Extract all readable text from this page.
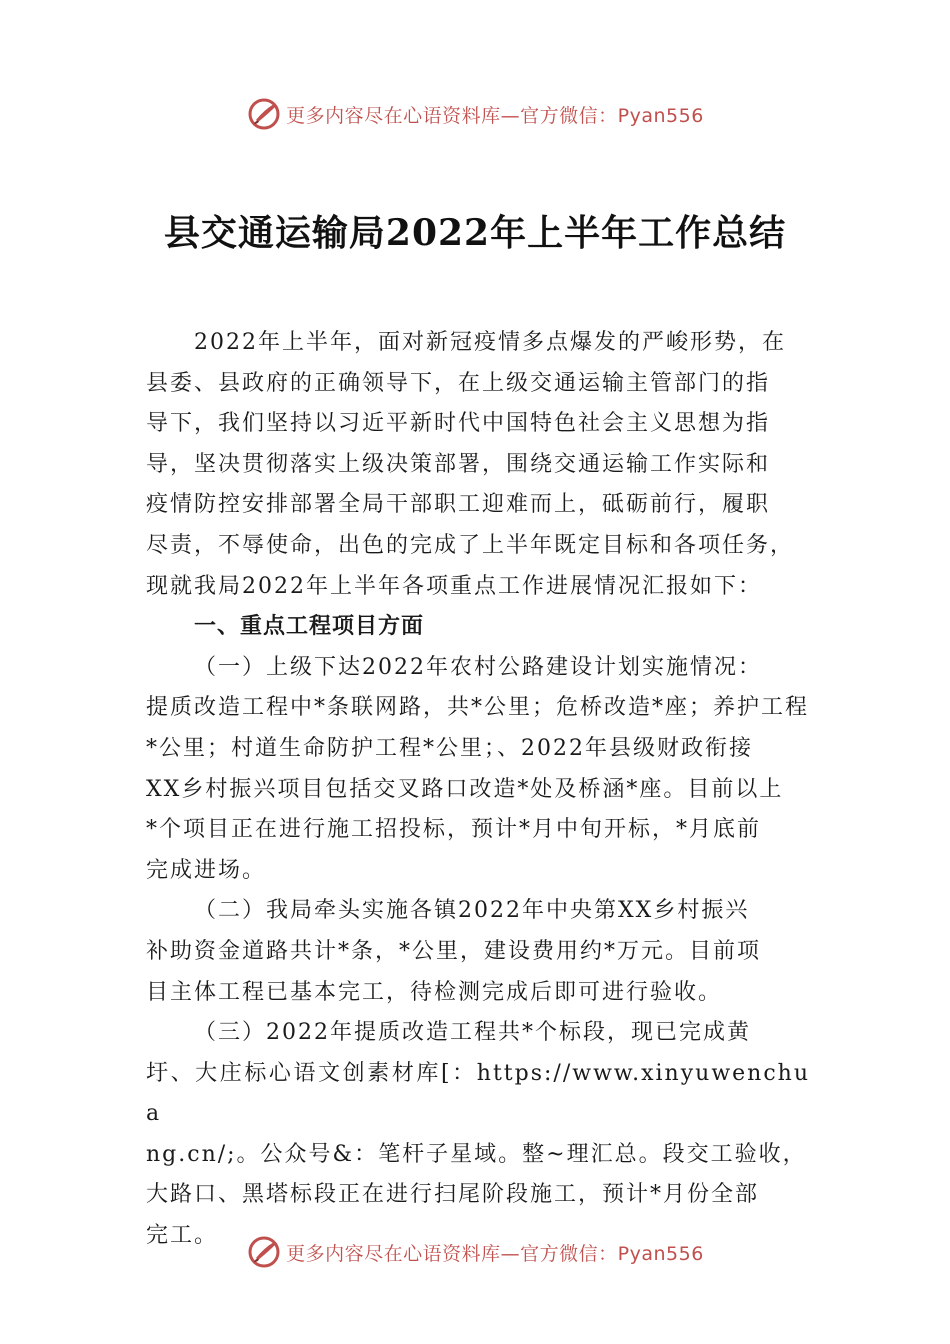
更多内容尽在心语资料库—官方微信：Pyan556
县交通运输局2022年上半年工作总结

2022年上半年，面对新冠疫情多点爆发的严峻形势，在
县委、县政府的正确领导下，在上级交通运输主管部门的指
导下，我们坚持以习近平新时代中国特色社会主义思想为指
导，坚决贯彻落实上级决策部署，围绕交通运输工作实际和
疫情防控安排部署全局干部职工迎难而上，砥砺前行，履职
尽责，不辱使命，出色的完成了上半年既定目标和各项任务，
现就我局2022年上半年各项重点工作进展情况汇报如下：

一、重点工程项目方面

（一）上级下达2022年农村公路建设计划实施情况：
提质改造工程中*条联网路，共*公里；危桥改造*座；养护工程
*公里；村道生命防护工程*公里；、2022年县级财政衔接
XX乡村振兴项目包括交叉路口改造*处及桥涵*座。目前以上
*个项目正在进行施工招投标，预计*月中旬开标，*月底前
完成进场。

（二）我局牵头实施各镇2022年中央第XX乡村振兴
补助资金道路共计*条，*公里，建设费用约*万元。目前项
目主体工程已基本完工，待检测完成后即可进行验收。

（三）2022年提质改造工程共*个标段，现已完成黄
圩、大庄标心语文创素材库[：https://www.xinyuwenchua
ng.cn/;。公众号&：笔杆子星域。整~理汇总。段交工验收，
大路口、黑塔标段正在进行扫尾阶段施工，预计*月份全部
完工。

更多内容尽在心语资料库—官方微信：Pyan556
